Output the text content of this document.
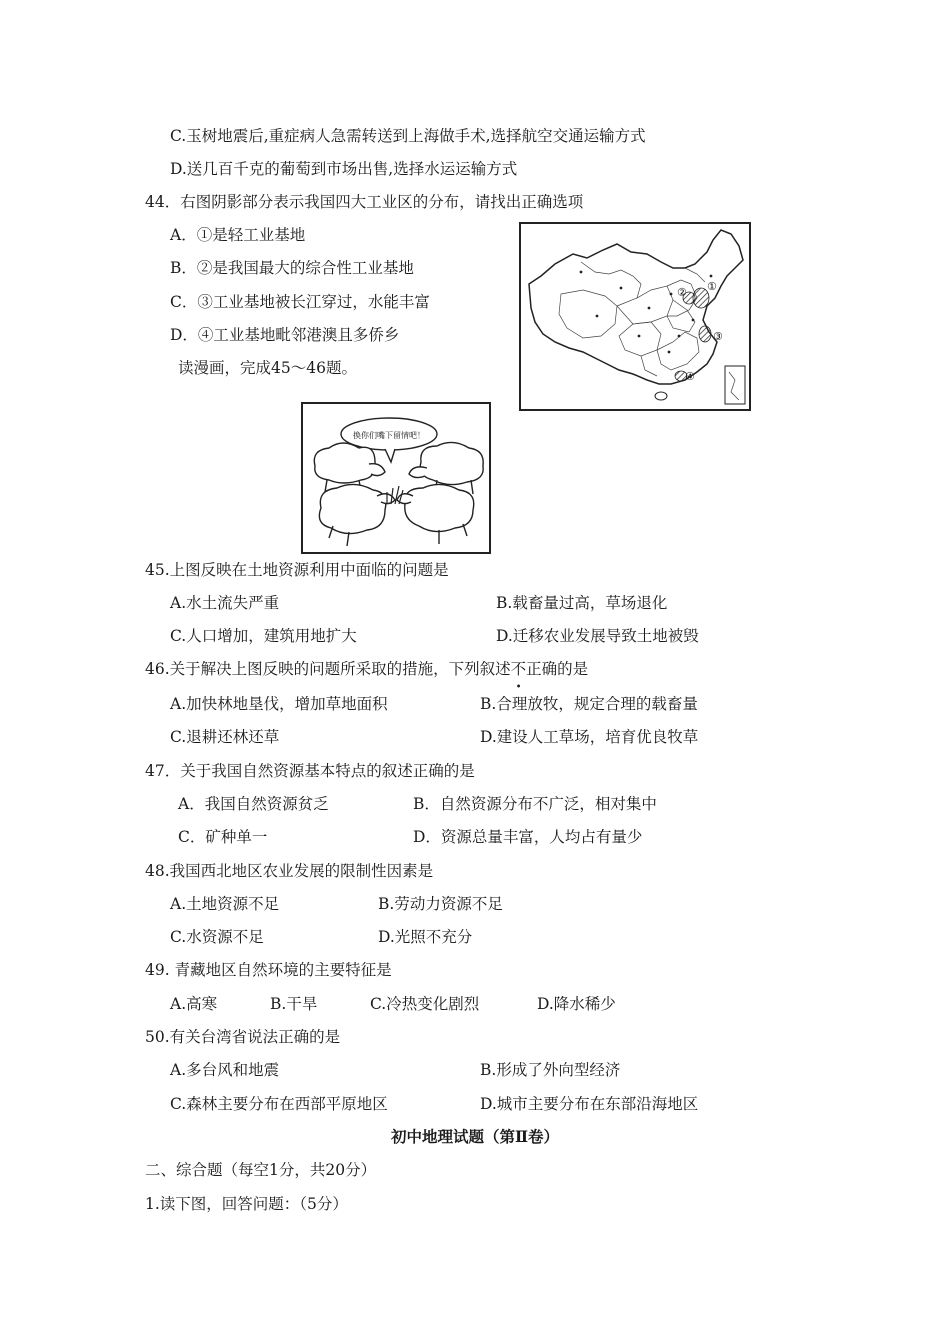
C.玉树地震后,重症病人急需转送到上海做手术,选择航空交通运输方式
D.送几百千克的葡萄到市场出售,选择水运运输方式
44．右图阴影部分表示我国四大工业区的分布，请找出正确选项
A．①是轻工业基地
B．②是我国最大的综合性工业基地
C．③工业基地被长江穿过，水能丰富
D．④工业基地毗邻港澳且多侨乡
读漫画，完成45～46题。
①
②
③
④
换你们嘴下留情吧！
45.上图反映在土地资源利用中面临的问题是
A.水土流失严重	B.载畜量过高，草场退化
C.人口增加，建筑用地扩大	D.迁移农业发展导致土地被毁
46.关于解决上图反映的问题所采取的措施，下列叙述不
•
正确的是
A.加快林地垦伐，增加草地面积	B.合理放牧，规定合理的载畜量
C.退耕还林还草	D.建设人工草场，培育优良牧草
47．关于我国自然资源基本特点的叙述正确的是
A．我国自然资源贫乏	B．自然资源分布不广泛，相对集中
C．矿种单一	D．资源总量丰富，人均占有量少
48.我国西北地区农业发展的限制性因素是
A.土地资源不足	B.劳动力资源不足
C.水资源不足	D.光照不充分
49. 青藏地区自然环境的主要特征是
A.高寒	B.干旱	C.冷热变化剧烈	D.降水稀少
50.有关台湾省说法正确的是
A.多台风和地震	B.形成了外向型经济
C.森林主要分布在西部平原地区	D.城市主要分布在东部沿海地区
初中地理试题（第Ⅱ卷）
二、综合题（每空1分，共20分）
1.读下图，回答问题：（5分）
